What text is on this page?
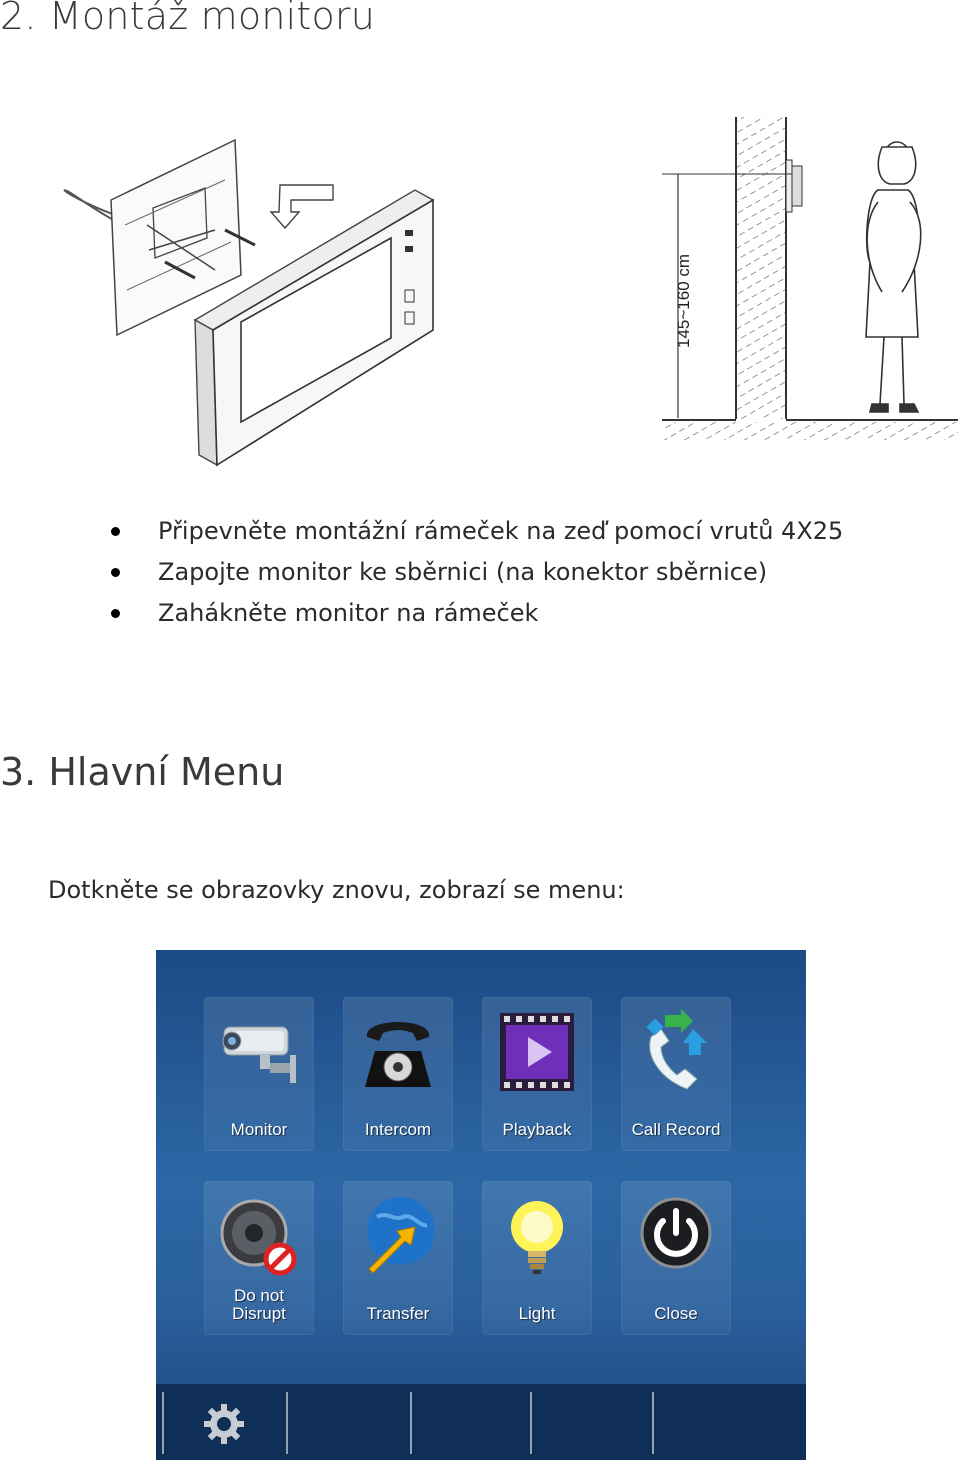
2. Montáž monitoru
145~160 cm
Připevněte montážní rámeček na zeď pomocí vrutů 4X25
Zapojte monitor ke sběrnici (na konektor sběrnice)
Zahákněte monitor na rámeček
3. Hlavní Menu
Dotkněte se obrazovky znovu, zobrazí se menu:
Monitor	Intercom	Playback	Call Record
Do not
Disrupt	Transfer	Light	Close
